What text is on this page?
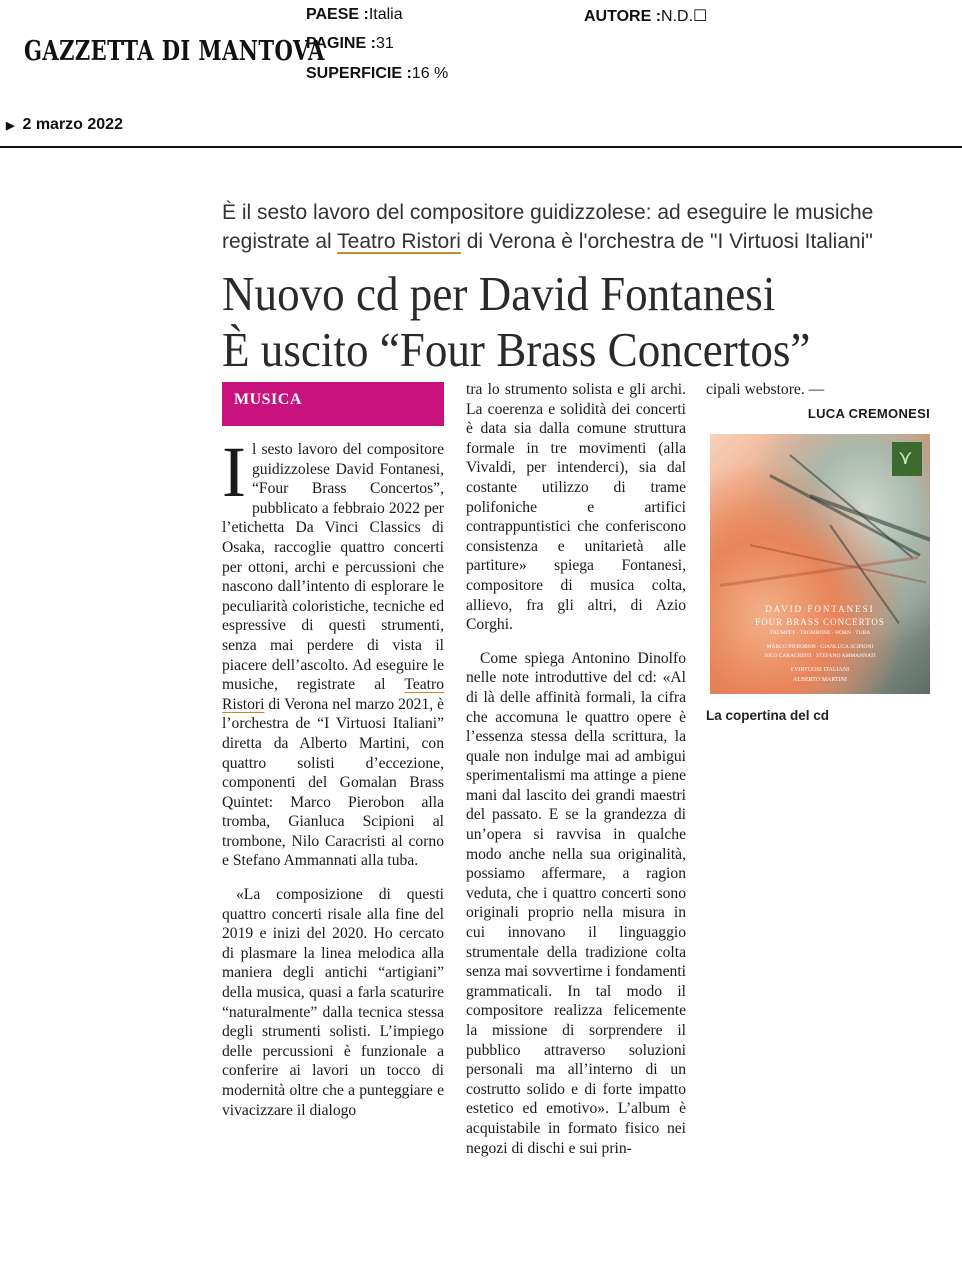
GAZZETTA DI MANTOVA
PAESE :Italia
PAGINE :31
SUPERFICIE :16 %
AUTORE :N.D.☐
▶ 2 marzo 2022
È il sesto lavoro del compositore guidizzolese: ad eseguire le musiche registrate al Teatro Ristori di Verona è l'orchestra de "I Virtuosi Italiani"
Nuovo cd per David Fontanesi
È uscito “Four Brass Concertos”
MUSICA

Il sesto lavoro del compositore guidizzolese David Fontanesi, “Four Brass Concertos”, pubblicato a febbraio 2022 per l’etichetta Da Vinci Classics di Osaka, raccoglie quattro concerti per ottoni, archi e percussioni che nascono dall’intento di esplorare le peculiarità coloristiche, tecniche ed espressive di questi strumenti, senza mai perdere di vista il piacere dell’ascolto. Ad eseguire le musiche, registrate al Teatro Ristori di Verona nel marzo 2021, è l’orchestra de “I Virtuosi Italiani” diretta da Alberto Martini, con quattro solisti d’eccezione, componenti del Gomalan Brass Quintet: Marco Pierobon alla tromba, Gianluca Scipioni al trombone, Nilo Caracristi al corno e Stefano Ammannati alla tuba.

«La composizione di questi quattro concerti risale alla fine del 2019 e inizi del 2020. Ho cercato di plasmare la linea melodica alla maniera degli antichi “artigiani” della musica, quasi a farla scaturire “naturalmente” dalla tecnica stessa degli strumenti solisti. L’impiego delle percussioni è funzionale a conferire ai lavori un tocco di modernità oltre che a punteggiare e vivacizzare il dialogo

tra lo strumento solista e gli archi. La coerenza e solidità dei concerti è data sia dalla comune struttura formale in tre movimenti (alla Vivaldi, per intenderci), sia dal costante utilizzo di trame polifoniche e artifici contrappuntistici che conferiscono consistenza e unitarietà alle partiture» spiega Fontanesi, compositore di musica colta, allievo, fra gli altri, di Azio Corghi.

Come spiega Antonino Dinolfo nelle note introduttive del cd: «Al di là delle affinità formali, la cifra che accomuna le quattro opere è l’essenza stessa della scrittura, la quale non indulge mai ad ambigui sperimentalismi ma attinge a piene mani dal lascito dei grandi maestri del passato. E se la grandezza di un’opera si ravvisa in qualche modo anche nella sua originalità, possiamo affermare, a ragion veduta, che i quattro concerti sono originali proprio nella misura in cui innovano il linguaggio strumentale della tradizione colta senza mai sovvertirne i fondamenti grammaticali. In tal modo il compositore realizza felicemente la missione di sorprendere il pubblico attraverso soluzioni personali ma all’interno di un costrutto solido e di forte impatto estetico ed emotivo». L’album è acquistabile in formato fisico nei negozi di dischi e sui prin-

cipali webstore. —
LUCA CREMONESI
⋎
DAVID FONTANESI
FOUR BRASS CONCERTOS
TRUMPET · TROMBONE · HORN · TUBA
MARCO PIEROBON · GIANLUCA SCIPIONI
NILO CARACRISTI · STEFANO AMMANNATI
I VIRTUOSI ITALIANI
ALBERTO MARTINI
La copertina del cd
